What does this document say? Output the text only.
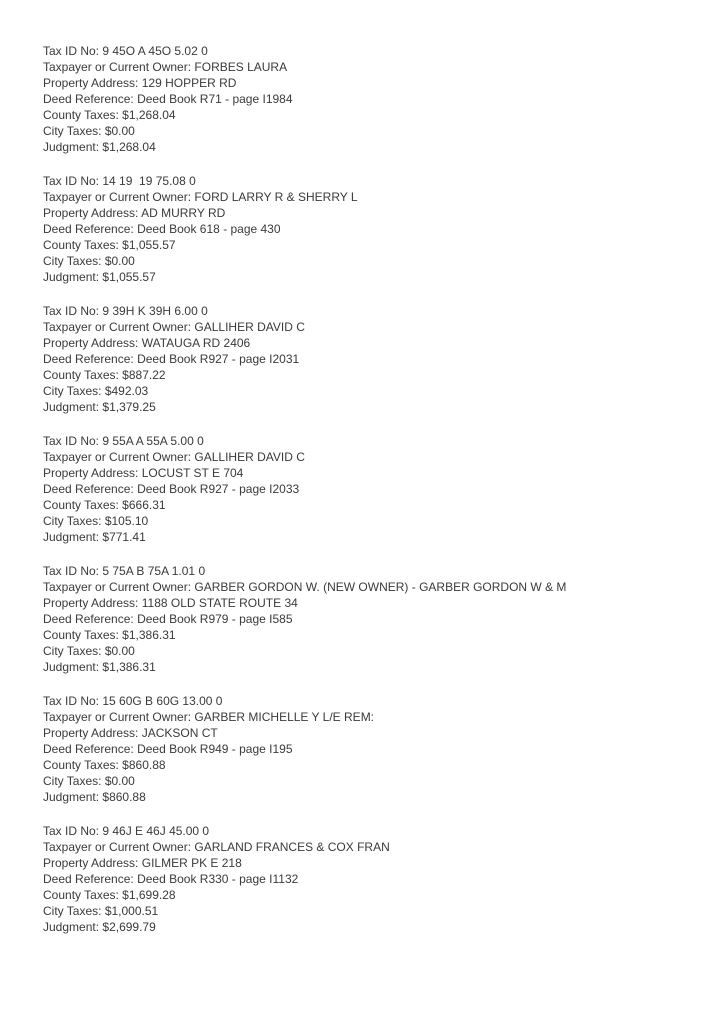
Tax ID No: 9 45O A 45O 5.02 0

Taxpayer or Current Owner: FORBES LAURA

Property Address: 129 HOPPER RD

Deed Reference: Deed Book R71 - page I1984

County Taxes: $1,268.04

City Taxes: $0.00

Judgment: $1,268.04

Tax ID No: 14 19  19 75.08 0

Taxpayer or Current Owner: FORD LARRY R & SHERRY L

Property Address: AD MURRY RD

Deed Reference: Deed Book 618 - page 430

County Taxes: $1,055.57

City Taxes: $0.00

Judgment: $1,055.57

Tax ID No: 9 39H K 39H 6.00 0

Taxpayer or Current Owner: GALLIHER DAVID C

Property Address: WATAUGA RD 2406

Deed Reference: Deed Book R927 - page I2031

County Taxes: $887.22

City Taxes: $492.03

Judgment: $1,379.25

Tax ID No: 9 55A A 55A 5.00 0

Taxpayer or Current Owner: GALLIHER DAVID C

Property Address: LOCUST ST E 704

Deed Reference: Deed Book R927 - page I2033

County Taxes: $666.31

City Taxes: $105.10

Judgment: $771.41

Tax ID No: 5 75A B 75A 1.01 0

Taxpayer or Current Owner: GARBER GORDON W. (NEW OWNER) - GARBER GORDON W & M

Property Address: 1188 OLD STATE ROUTE 34

Deed Reference: Deed Book R979 - page I585

County Taxes: $1,386.31

City Taxes: $0.00

Judgment: $1,386.31

Tax ID No: 15 60G B 60G 13.00 0

Taxpayer or Current Owner: GARBER MICHELLE Y L/E REM:

Property Address: JACKSON CT

Deed Reference: Deed Book R949 - page I195

County Taxes: $860.88

City Taxes: $0.00

Judgment: $860.88

Tax ID No: 9 46J E 46J 45.00 0

Taxpayer or Current Owner: GARLAND FRANCES & COX FRAN

Property Address: GILMER PK E 218

Deed Reference: Deed Book R330 - page I1132

County Taxes: $1,699.28

City Taxes: $1,000.51

Judgment: $2,699.79
